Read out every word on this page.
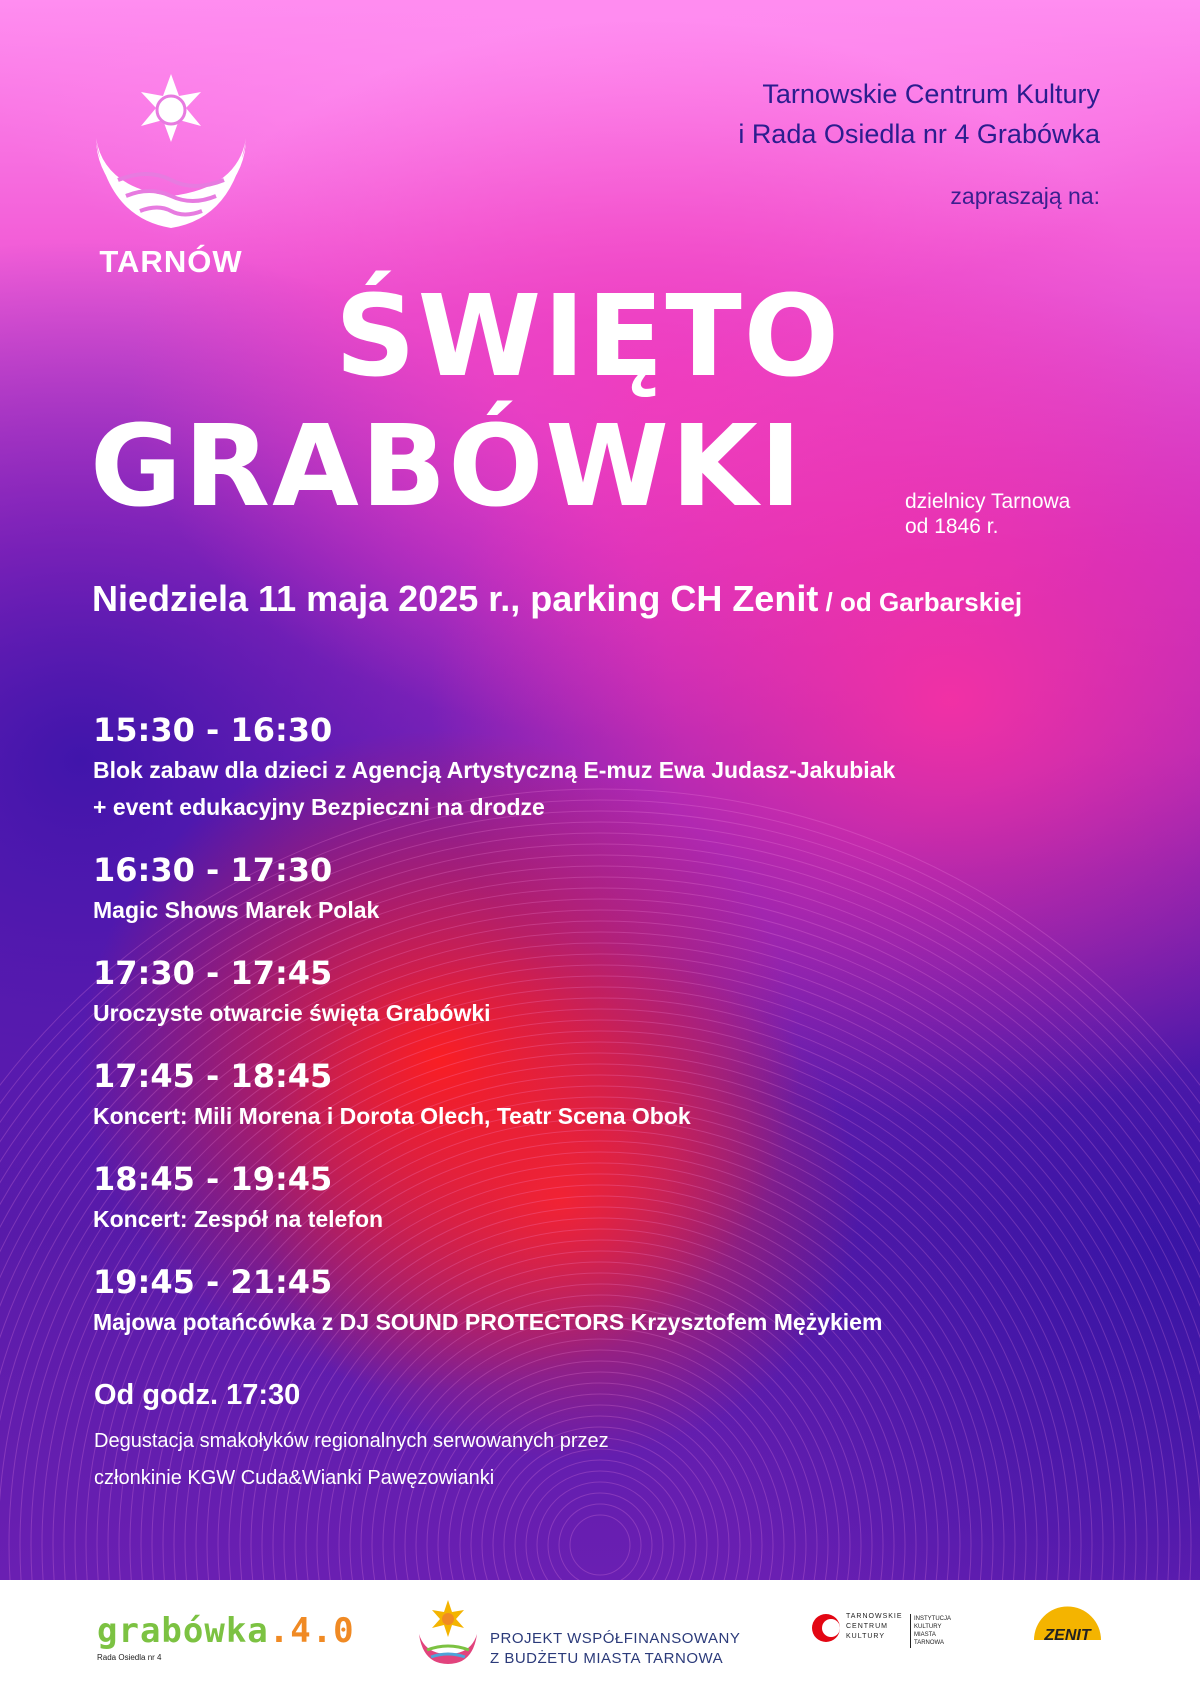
TARNÓW
Tarnowskie Centrum Kultury
i Rada Osiedla nr 4 Grabówka
zapraszają na:
ŚWIĘTO
GRABÓWKI	dzielnicy Tarnowa
od 1846 r.
Niedziela 11 maja 2025 r., parking CH Zenit / od Garbarskiej
15:30 - 16:30
Blok zabaw dla dzieci z Agencją Artystyczną E-muz Ewa Judasz-Jakubiak
+ event edukacyjny Bezpieczni na drodze
16:30 - 17:30
Magic Shows Marek Polak
17:30 - 17:45
Uroczyste otwarcie święta Grabówki
17:45 - 18:45
Koncert: Mili Morena i Dorota Olech, Teatr Scena Obok
18:45 - 19:45
Koncert: Zespół na telefon
19:45 - 21:45
Majowa potańcówka z DJ SOUND PROTECTORS Krzysztofem Mężykiem
Od godz. 17:30
Degustacja smakołyków regionalnych serwowanych przez
członkinie KGW Cuda&Wianki Pawęzowianki
grabówka.4.0
Rada Osiedla nr 4
PROJEKT WSPÓŁFINANSOWANY
Z BUDŻETU MIASTA TARNOWA
TARNOWSKIE
CENTRUM
KULTURY
INSTYTUCJA
KULTURY
MIASTA
TARNOWA	ZENIT
